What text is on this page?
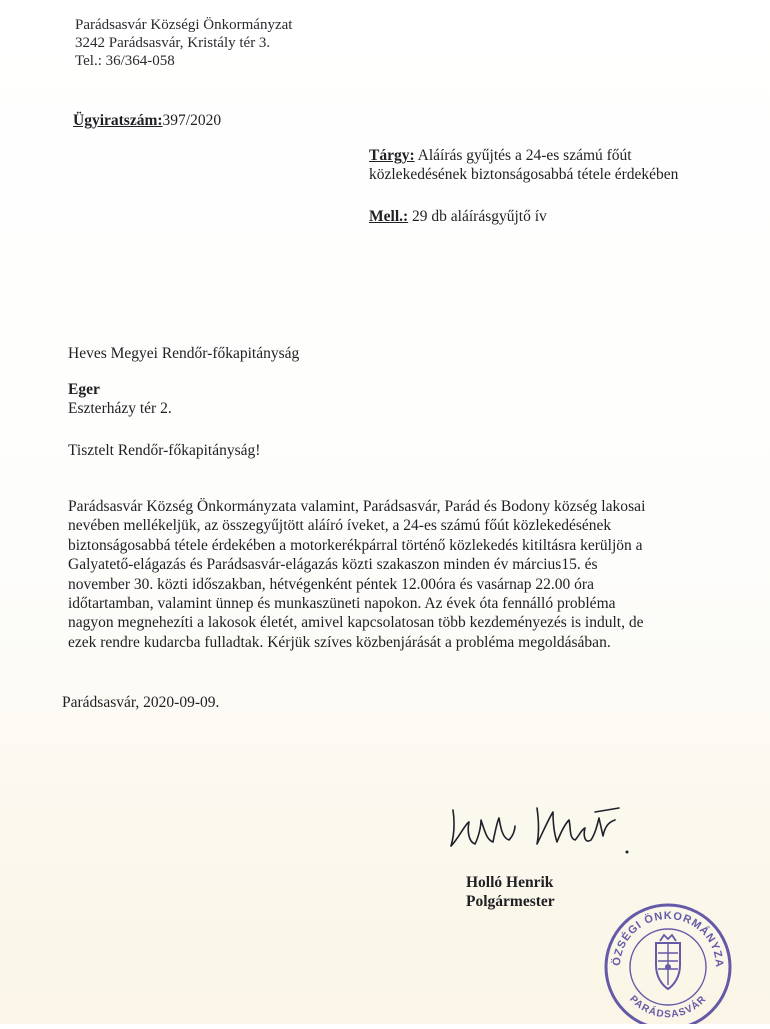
Parádsasvár Községi Önkormányzat
3242 Parádsasvár, Kristály tér 3.
Tel.: 36/364-058
Ügyiratszám:397/2020
Tárgy: Aláírás gyűjtés a 24-es számú főút
közlekedésének biztonságosabbá tétele érdekében
Mell.: 29 db aláírásgyűjtő ív
Heves Megyei Rendőr-főkapitányság
Eger
Eszterházy tér 2.
Tisztelt Rendőr-főkapitányság!
Parádsasvár Község Önkormányzata valamint, Parádsasvár, Parád és Bodony község lakosai
nevében mellékeljük, az összegyűjtött aláíró íveket, a 24-es számú főút közlekedésének
biztonságosabbá tétele érdekében a motorkerékpárral történő közlekedés kitiltásra kerüljön a
Galyatető-elágazás és Parádsasvár-elágazás közti szakaszon minden év március15. és
november 30. közti időszakban, hétvégenként péntek 12.00óra és vasárnap 22.00 óra
időtartamban, valamint ünnep és munkaszüneti napokon. Az évek óta fennálló probléma
nagyon megnehezíti a lakosok életét, amivel kapcsolatosan több kezdeményezés is indult, de
ezek rendre kudarcba fulladtak. Kérjük szíves közbenjárását a probléma megoldásában.
Parádsasvár, 2020-09-09.
Holló Henrik
Polgármester
ÖZSÉGI ÖNKORMÁNYZA
PARÁDSASVÁR
